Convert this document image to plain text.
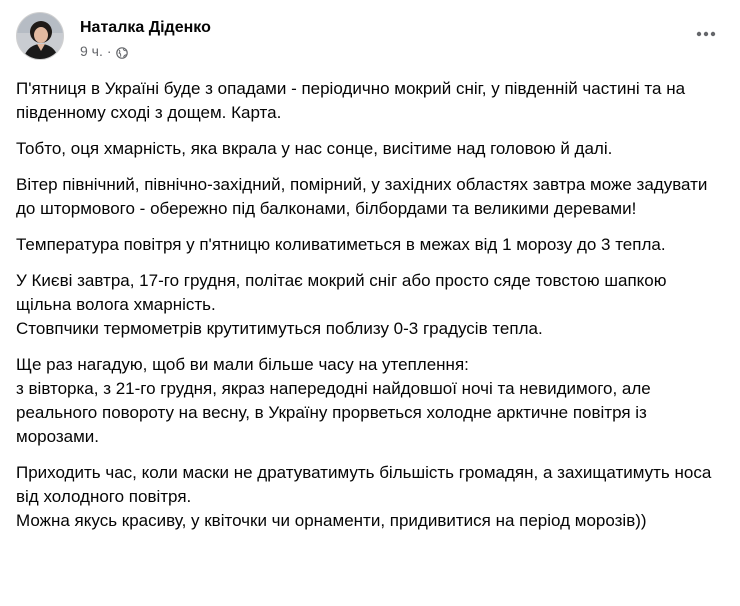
Наталка Діденко
9 ч. ·

П'ятниця в Україні буде з опадами - періодично мокрий сніг, у південній частині та на південному сході з дощем. Карта.

Тобто, оця хмарність, яка вкрала у нас сонце, висітиме над головою й далі.

Вітер північний, північно-західний, помірний, у західних областях завтра може задувати до штормового - обережно під балконами, білбордами та великими деревами!

Температура повітря у п'ятницю коливатиметься в межах від 1 морозу до 3 тепла.

У Києві завтра, 17-го грудня, політає мокрий сніг або просто сяде товстою шапкою щільна волога хмарність.
Стовпчики термометрів крутитимуться поблизу 0-3 градусів тепла.

Ще раз нагадую, щоб ви мали більше часу на утеплення:
з вівторка, з 21-го грудня, якраз напередодні найдовшої ночі та невидимого, але реального повороту на весну, в Україну прорветься холодне арктичне повітря із морозами.

Приходить час, коли маски не дратуватимуть більшість громадян, а захищатимуть носа від холодного повітря.
Можна якусь красиву, у квіточки чи орнаменти, придивитися на період морозів))
